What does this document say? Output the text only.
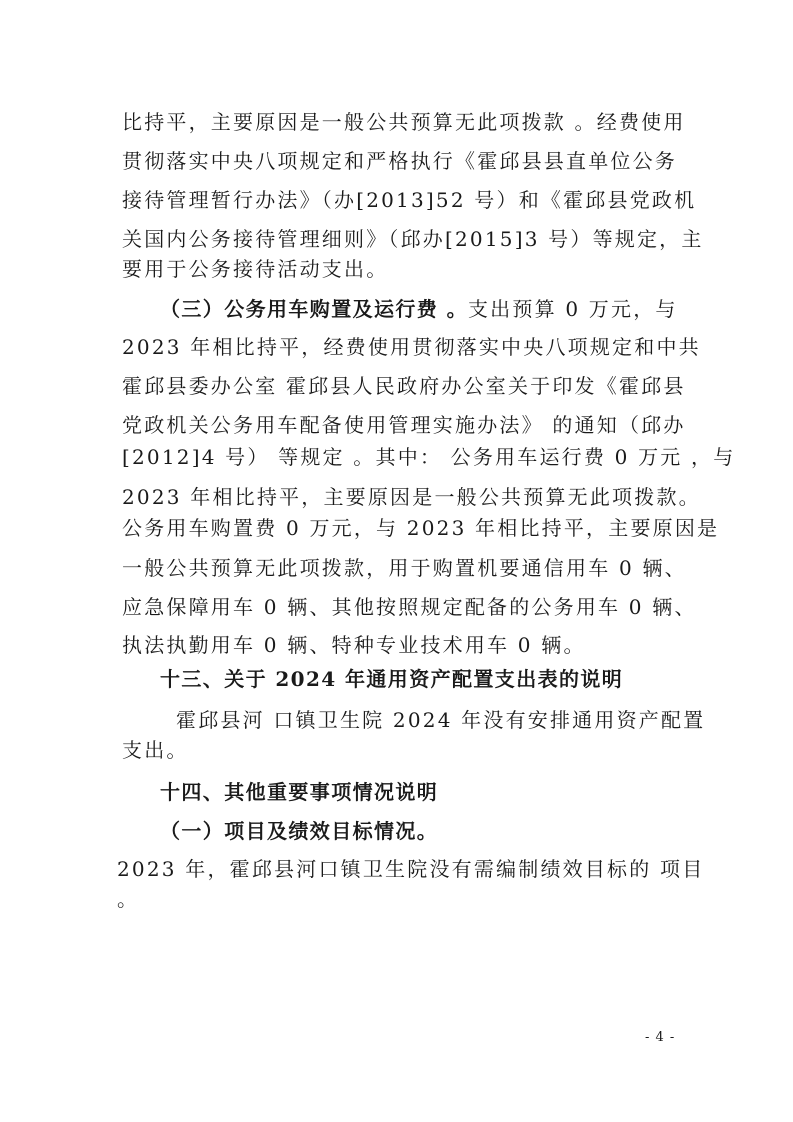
比持平，主要原因是一般公共预算无此项拨款 。经费使用
贯彻落实中央八项规定和严格执行《霍邱县县直单位公务
接待管理暂行办法》（办[2013]52 号）和《霍邱县党政机
关国内公务接待管理细则》（邱办[2015]3 号）等规定，主
要用于公务接待活动支出。
（三）公务用车购置及运行费 。支出预算 0 万元，与
2023 年相比持平，经费使用贯彻落实中央八项规定和中共
霍邱县委办公室 霍邱县人民政府办公室关于印发《霍邱县
党政机关公务用车配备使用管理实施办法》 的通知（邱办
[2012]4 号） 等规定 。其中： 公务用车运行费 0 万元 ，与
2023 年相比持平，主要原因是一般公共预算无此项拨款。
公务用车购置费 0 万元，与 2023 年相比持平，主要原因是
一般公共预算无此项拨款，用于购置机要通信用车 0 辆、
应急保障用车 0 辆、其他按照规定配备的公务用车 0 辆、
执法执勤用车 0 辆、特种专业技术用车 0 辆。
十三、关于 2024 年通用资产配置支出表的说明
霍邱县河 口镇卫生院 2024 年没有安排通用资产配置
支出。
十四、其他重要事项情况说明
（一）项目及绩效目标情况。
2023 年，霍邱县河口镇卫生院没有需编制绩效目标的 项目
。
- 4 -
